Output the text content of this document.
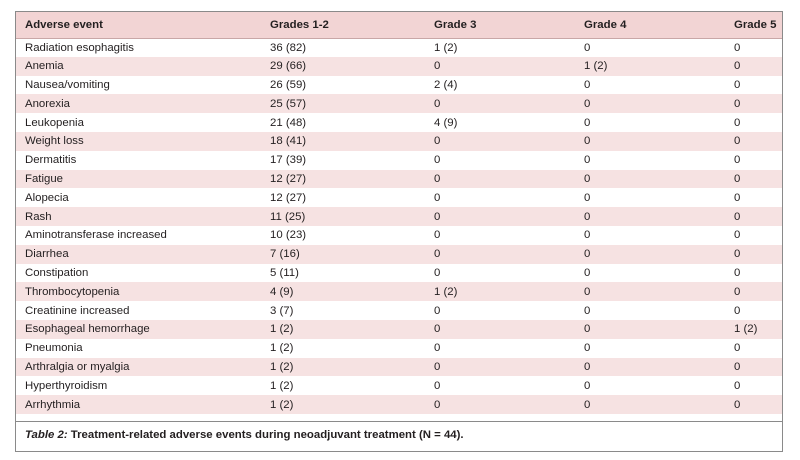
Adverse event	Grades 1-2	Grade 3	Grade 4	Grade 5
Radiation esophagitis	36 (82)	1 (2)	0	0
Anemia	29 (66)	0	1 (2)	0
Nausea/vomiting	26 (59)	2 (4)	0	0
Anorexia	25 (57)	0	0	0
Leukopenia	21 (48)	4 (9)	0	0
Weight loss	18 (41)	0	0	0
Dermatitis	17 (39)	0	0	0
Fatigue	12 (27)	0	0	0
Alopecia	12 (27)	0	0	0
Rash	11 (25)	0	0	0
Aminotransferase increased	10 (23)	0	0	0
Diarrhea	7 (16)	0	0	0
Constipation	5 (11)	0	0	0
Thrombocytopenia	4 (9)	1 (2)	0	0
Creatinine increased	3 (7)	0	0	0
Esophageal hemorrhage	1 (2)	0	0	1 (2)
Pneumonia	1 (2)	0	0	0
Arthralgia or myalgia	1 (2)	0	0	0
Hyperthyroidism	1 (2)	0	0	0
Arrhythmia	1 (2)	0	0	0
Table 2: Treatment-related adverse events during neoadjuvant treatment (N = 44).
